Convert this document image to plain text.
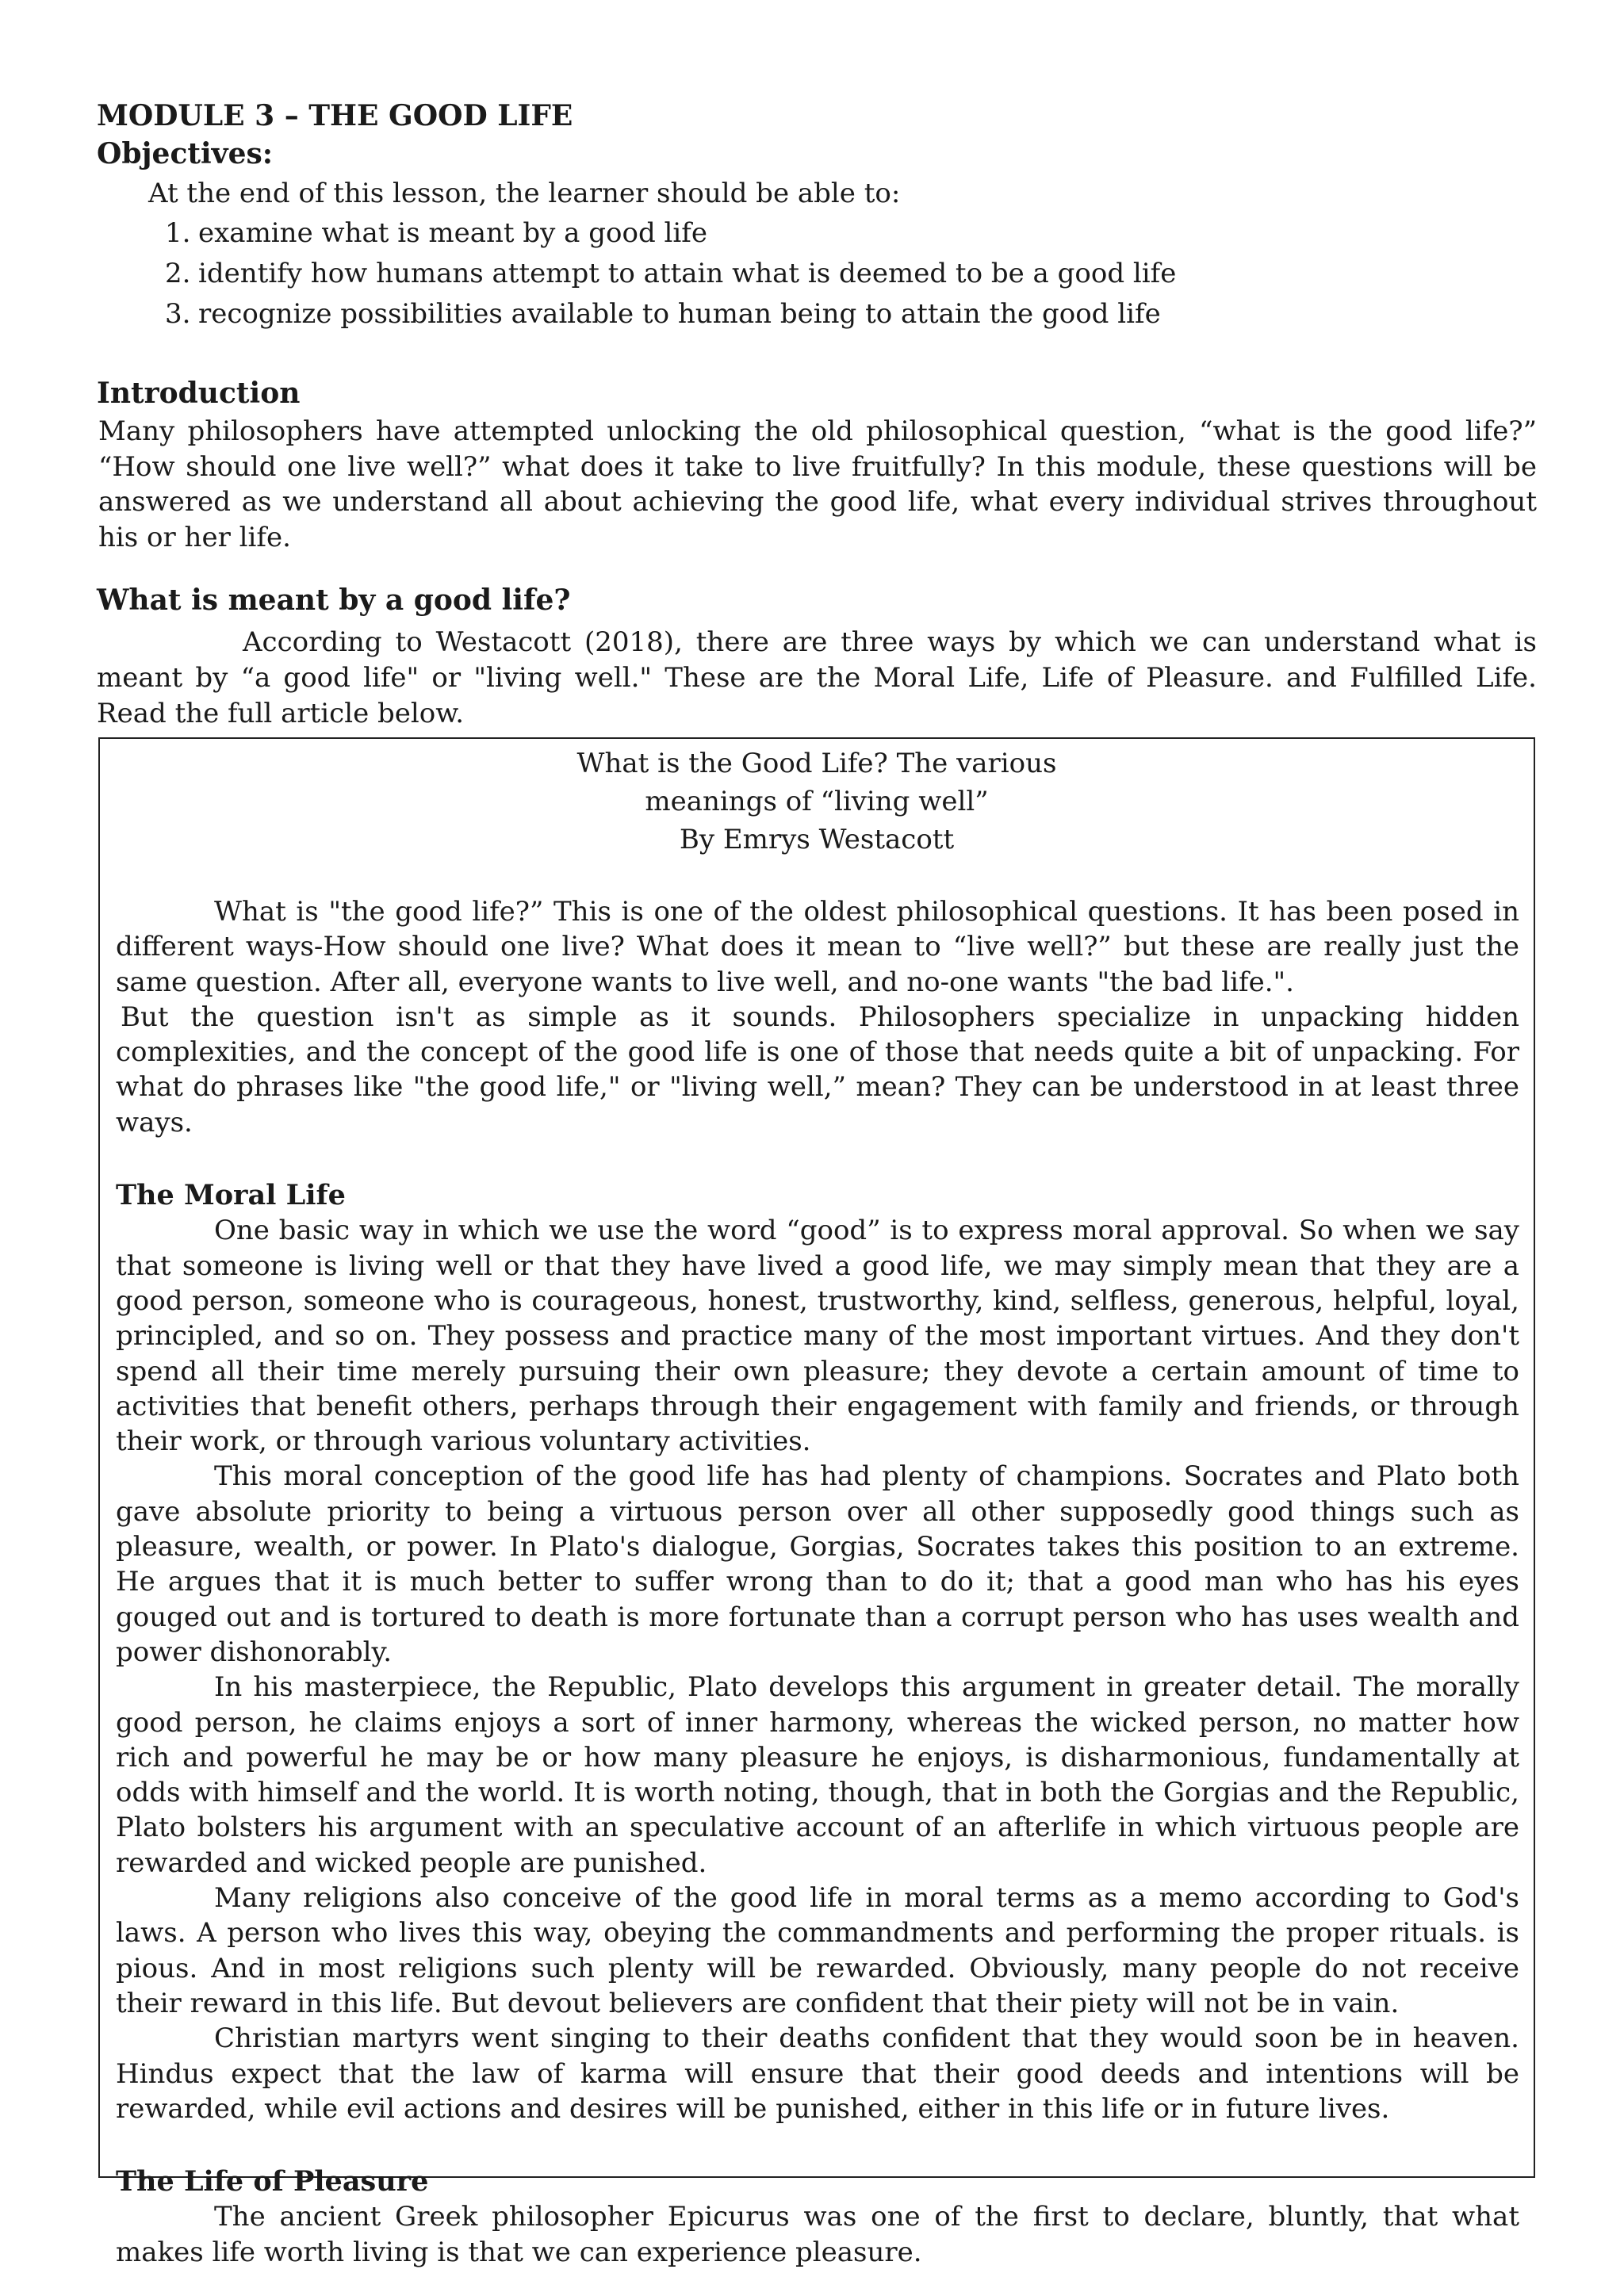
MODULE 3 – THE GOOD LIFE
Objectives:

At the end of this lesson, the learner should be able to:

1. examine what is meant by a good life
2. identify how humans attempt to attain what is deemed to be a good life
3. recognize possibilities available to human being to attain the good life
Introduction

Many philosophers have attempted unlocking the old philosophical question, “what is the good life?” “How should one live well?” what does it take to live fruitfully? In this module, these questions will be answered as we understand all about achieving the good life, what every individual strives throughout his or her life.

What is meant by a good life?

According to Westacott (2018), there are three ways by which we can understand what is meant by “a good life" or "living well." These are the Moral Life, Life of Pleasure. and Fulfilled Life. Read the full article below.

What is the Good Life? The various
meanings of “living well”
By Emrys Westacott

What is "the good life?” This is one of the oldest philosophical questions. It has been posed in different ways-How should one live? What does it mean to “live well?” but these are really just the same question. After all, everyone wants to live well, and no-one wants "the bad life.".

But the question isn't as simple as it sounds. Philosophers specialize in unpacking hidden complexities, and the concept of the good life is one of those that needs quite a bit of unpacking. For what do phrases like "the good life," or "living well,” mean? They can be understood in at least three ways.

The Moral Life

One basic way in which we use the word “good” is to express moral approval. So when we say that someone is living well or that they have lived a good life, we may simply mean that they are a good person, someone who is courageous, honest, trustworthy, kind, selfless, generous, helpful, loyal, principled, and so on. They possess and practice many of the most important virtues. And they don't spend all their time merely pursuing their own pleasure; they devote a certain amount of time to activities that benefit others, perhaps through their engagement with family and friends, or through their work, or through various voluntary activities.

This moral conception of the good life has had plenty of champions. Socrates and Plato both gave absolute priority to being a virtuous person over all other supposedly good things such as pleasure, wealth, or power. In Plato's dialogue, Gorgias, Socrates takes this position to an extreme. He argues that it is much better to suffer wrong than to do it; that a good man who has his eyes gouged out and is tortured to death is more fortunate than a corrupt person who has uses wealth and power dishonorably.

In his masterpiece, the Republic, Plato develops this argument in greater detail. The morally good person, he claims enjoys a sort of inner harmony, whereas the wicked person, no matter how rich and powerful he may be or how many pleasure he enjoys, is disharmonious, fundamentally at odds with himself and the world. It is worth noting, though, that in both the Gorgias and the Republic, Plato bolsters his argument with an speculative account of an afterlife in which virtuous people are rewarded and wicked people are punished.

Many religions also conceive of the good life in moral terms as a memo according to God's laws. A person who lives this way, obeying the commandments and performing the proper rituals. is pious. And in most religions such plenty will be rewarded. Obviously, many people do not receive their reward in this life. But devout believers are confident that their piety will not be in vain.

Christian martyrs went singing to their deaths confident that they would soon be in heaven. Hindus expect that the law of karma will ensure that their good deeds and intentions will be rewarded, while evil actions and desires will be punished, either in this life or in future lives.

The Life of Pleasure

The ancient Greek philosopher Epicurus was one of the first to declare, bluntly, that what makes life worth living is that we can experience pleasure.
